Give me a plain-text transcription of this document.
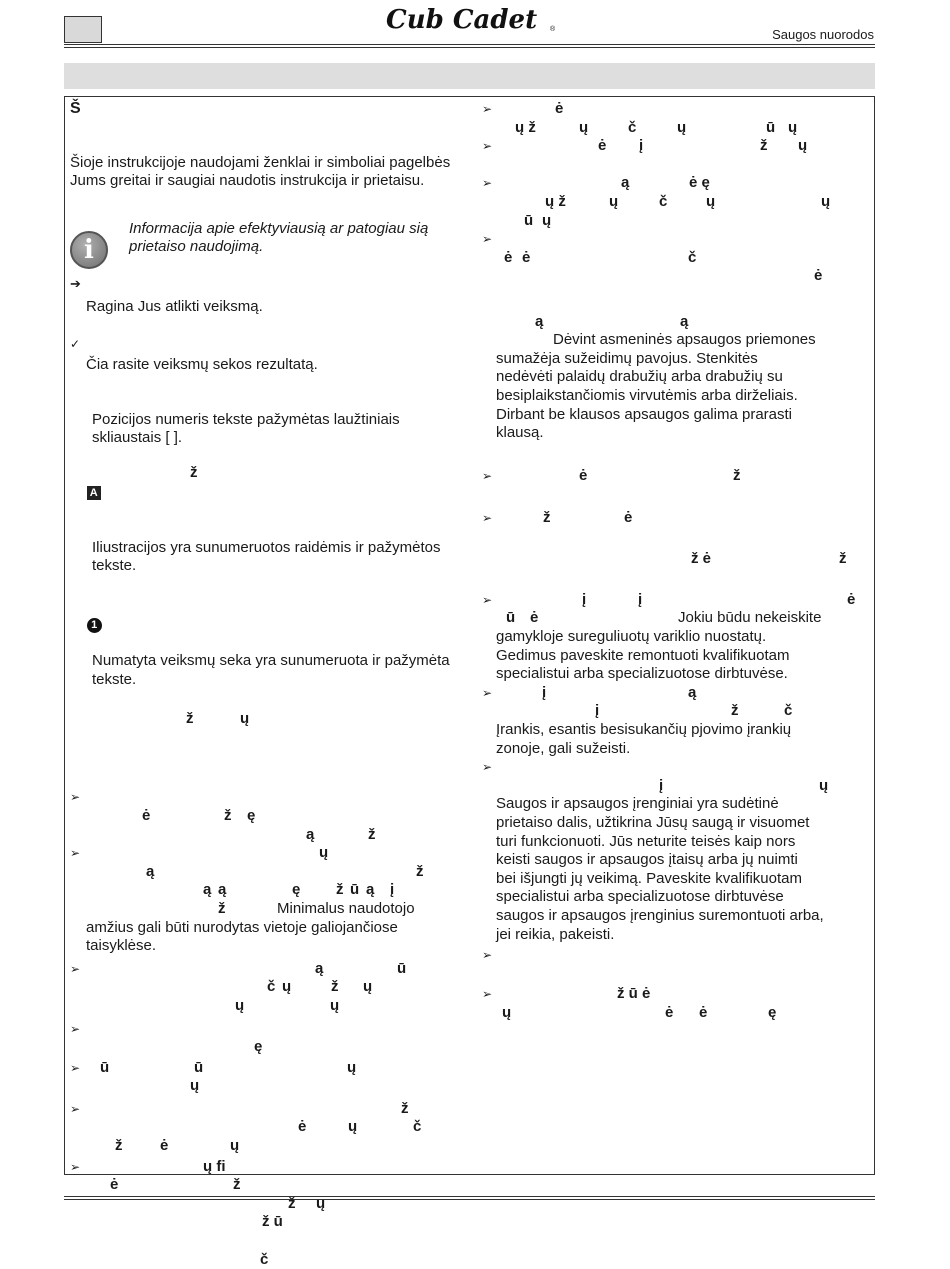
Cub Cadet ®	Saugos nuorodos
i
Š
Šioje instrukcijoje naudojami ženklai ir simboliai pagelbės Jums greitai ir saugiai naudotis instrukcija ir prietaisu.
Informacija apie efektyviausią ar patogiau sią prietaiso naudojimą.
➔
Ragina Jus atlikti veiksmą.
✓
Čia rasite veiksmų sekos rezultatą.
Pozicijos numeris tekste pažymėtas laužtiniais skliaustais [ ].

A

ž

Iliustracijos yra sunumeruotos raidėmis ir pažymėtos tekste.

1

Numatyta veiksmų seka yra sunumeruota ir pažymėta tekste.

ž

	ų

➢
ė	ž ę
ą	ž
➢	ų
ą	ž
ą ą	ę ž ū ą į
ž	Minimalus naudotojo
amžius gali būti nurodytas vietoje galiojančiose
taisyklėse.
➢	ą	ū
č ų	ž ų
ų	ų
➢
ę
➢ ū	ū	ų
ų
➢	ž
ė	ų	č
ž	ė	ų
➢	ų fi
ė	ž
ž ų
ž ū
č
➢	ė
ų ž	ų	č	ų	ū ų
➢	ė į	ž ų
➢	ą	ė ę
ų ž	ų	č	ų	ų
ū ų
➢
ė ė	č
ė
ą	ą
Dėvint asmeninės apsaugos priemones
sumažėja sužeidimų pavojus. Stenkitės
nedėvėti palaidų drabužių arba drabužių su
besiplaikstančiomis virvutėmis arba dirželiais.
Dirbant be klausos apsaugos galima prarasti
klausą.
➢	ė	ž
➢	ž	ė
ž ė	ž
➢	į	į	ė
ū ė	Jokiu būdu nekeiskite
gamykloje sureguliuotų variklio nuostatų.
Gedimus paveskite remontuoti kvalifikuotam
specialistui arba specializuotose dirbtuvėse.
➢	į	ą
į	ž	č
Įrankis, esantis besisukančių pjovimo įrankių
zonoje, gali sužeisti.
➢
į	ų
Saugos ir apsaugos įrenginiai yra sudėtinė
prietaiso dalis, užtikrina Jūsų saugą ir visuomet
turi funkcionuoti. Jūs neturite teisės kaip nors
keisti saugos ir apsaugos įtaisų arba jų nuimti
bei išjungti jų veikimą. Paveskite kvalifikuotam
specialistui arba specializuotose dirbtuvėse
saugos ir apsaugos įrenginius suremontuoti arba,
jei reikia, pakeisti.
➢
➢	ž ū ė
ų	ė ė	ę
